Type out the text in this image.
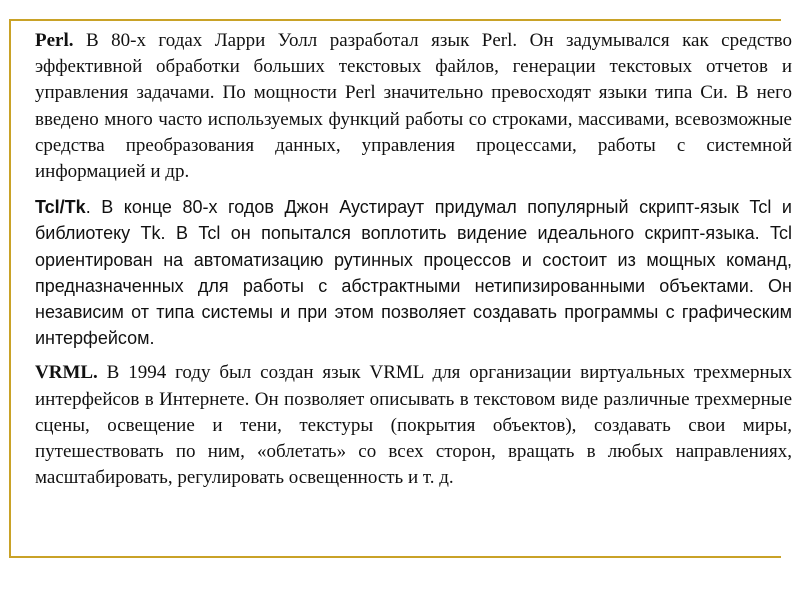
Perl. В 80-х годах Ларри Уолл разработал язык Perl. Он задумывался как средство эффективной обработки больших текстовых файлов, генерации текстовых отчетов и управления задачами. По мощности Perl значительно превосходят языки типа Си. В него введено много часто используемых функций работы со строками, массивами, всевозможные средства преобразования данных, управления процессами, работы с системной информацией и др.

Tcl/Tk. В конце 80-х годов Джон Аустираут придумал популярный скрипт-язык Tcl и библиотеку Tk. В Tcl он попытался воплотить видение идеального скрипт-языка. Tcl ориентирован на автоматизацию рутинных процессов и состоит из мощных команд, предназначенных для работы с абстрактными нетипизированными объектами. Он независим от типа системы и при этом позволяет создавать программы с графическим интерфейсом.

VRML. В 1994 году был создан язык VRML для организации виртуальных трехмерных интерфейсов в Интернете. Он позволяет описывать в текстовом виде различные трехмерные сцены, освещение и тени, текстуры (покрытия объектов), создавать свои миры, путешествовать по ним, «облетать» со всех сторон, вращать в любых направлениях, масштабировать, регулировать освещенность и т. д.
